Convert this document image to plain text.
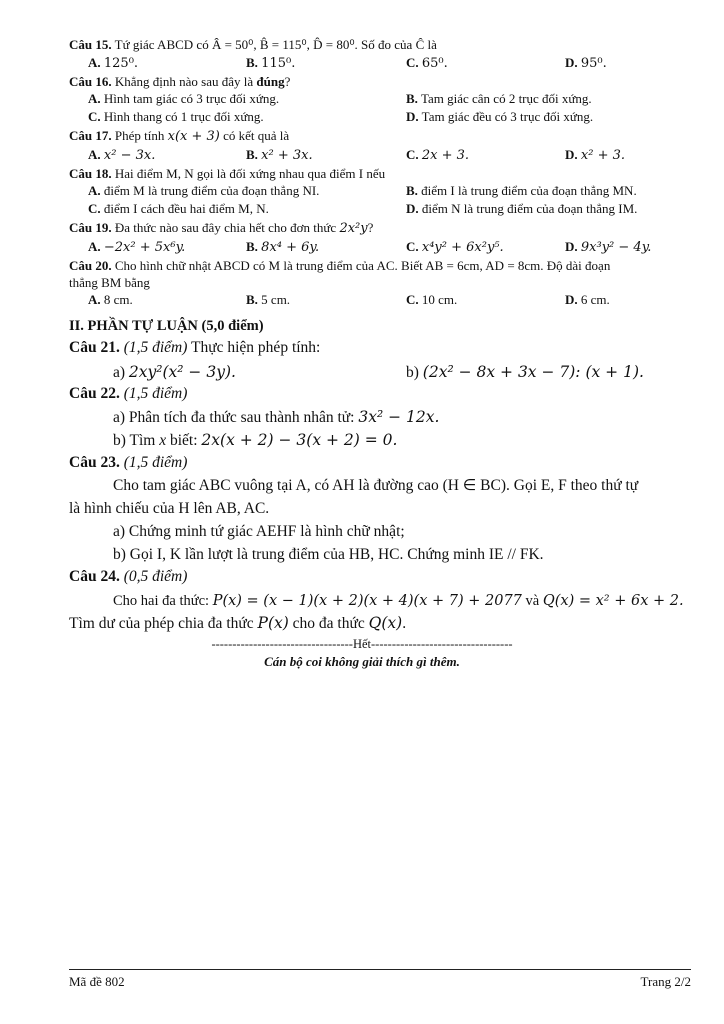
Câu 15. Tứ giác ABCD có Â = 50⁰, B̂ = 115⁰, D̂ = 80⁰. Số đo của Ĉ là
A. 125⁰.	B. 115⁰.	C. 65⁰.	D. 95⁰.
Câu 16. Khẳng định nào sau đây là đúng?
A. Hình tam giác có 3 trục đối xứng.	B. Tam giác cân có 2 trục đối xứng.
C. Hình thang có 1 trục đối xứng.	D. Tam giác đều có 3 trục đối xứng.
Câu 17. Phép tính x(x + 3) có kết quả là
A. x² − 3x.	B. x² + 3x.	C. 2x + 3.	D. x² + 3.
Câu 18. Hai điểm M, N gọi là đối xứng nhau qua điểm I nếu
A. điểm M là trung điểm của đoạn thẳng NI.	B. điểm I là trung điểm của đoạn thẳng MN.
C. điểm I cách đều hai điểm M, N.	D. điểm N là trung điểm của đoạn thẳng IM.
Câu 19. Đa thức nào sau đây chia hết cho đơn thức 2x²y?
A. −2x² + 5x⁶y.	B. 8x⁴ + 6y.	C. x⁴y² + 6x²y⁵.	D. 9x³y² − 4y.
Câu 20. Cho hình chữ nhật ABCD có M là trung điểm của AC. Biết AB = 6cm, AD = 8cm. Độ dài đoạn
thẳng BM bằng
A. 8 cm.	B. 5 cm.	C. 10 cm.	D. 6 cm.
II. PHẦN TỰ LUẬN (5,0 điểm)
Câu 21. (1,5 điểm) Thực hiện phép tính:
a) 2xy²(x² − 3y).	b) (2x² − 8x + 3x − 7): (x + 1).
Câu 22. (1,5 điểm)
a) Phân tích đa thức sau thành nhân tử: 3x² − 12x.
b) Tìm x biết: 2x(x + 2) − 3(x + 2) = 0.
Câu 23. (1,5 điểm)
Cho tam giác ABC vuông tại A, có AH là đường cao (H ∈ BC). Gọi E, F theo thứ tự
là hình chiếu của H lên AB, AC.
a) Chứng minh tứ giác AEHF là hình chữ nhật;
b) Gọi I, K lần lượt là trung điểm của HB, HC. Chứng minh IE // FK.
Câu 24. (0,5 điểm)
Cho hai đa thức: P(x) = (x − 1)(x + 2)(x + 4)(x + 7) + 2077 và Q(x) = x² + 6x + 2.
Tìm dư của phép chia đa thức P(x) cho đa thức Q(x).
----------------------------------Hết----------------------------------
Cán bộ coi không giải thích gì thêm.
Mã đề 802	Trang 2/2
